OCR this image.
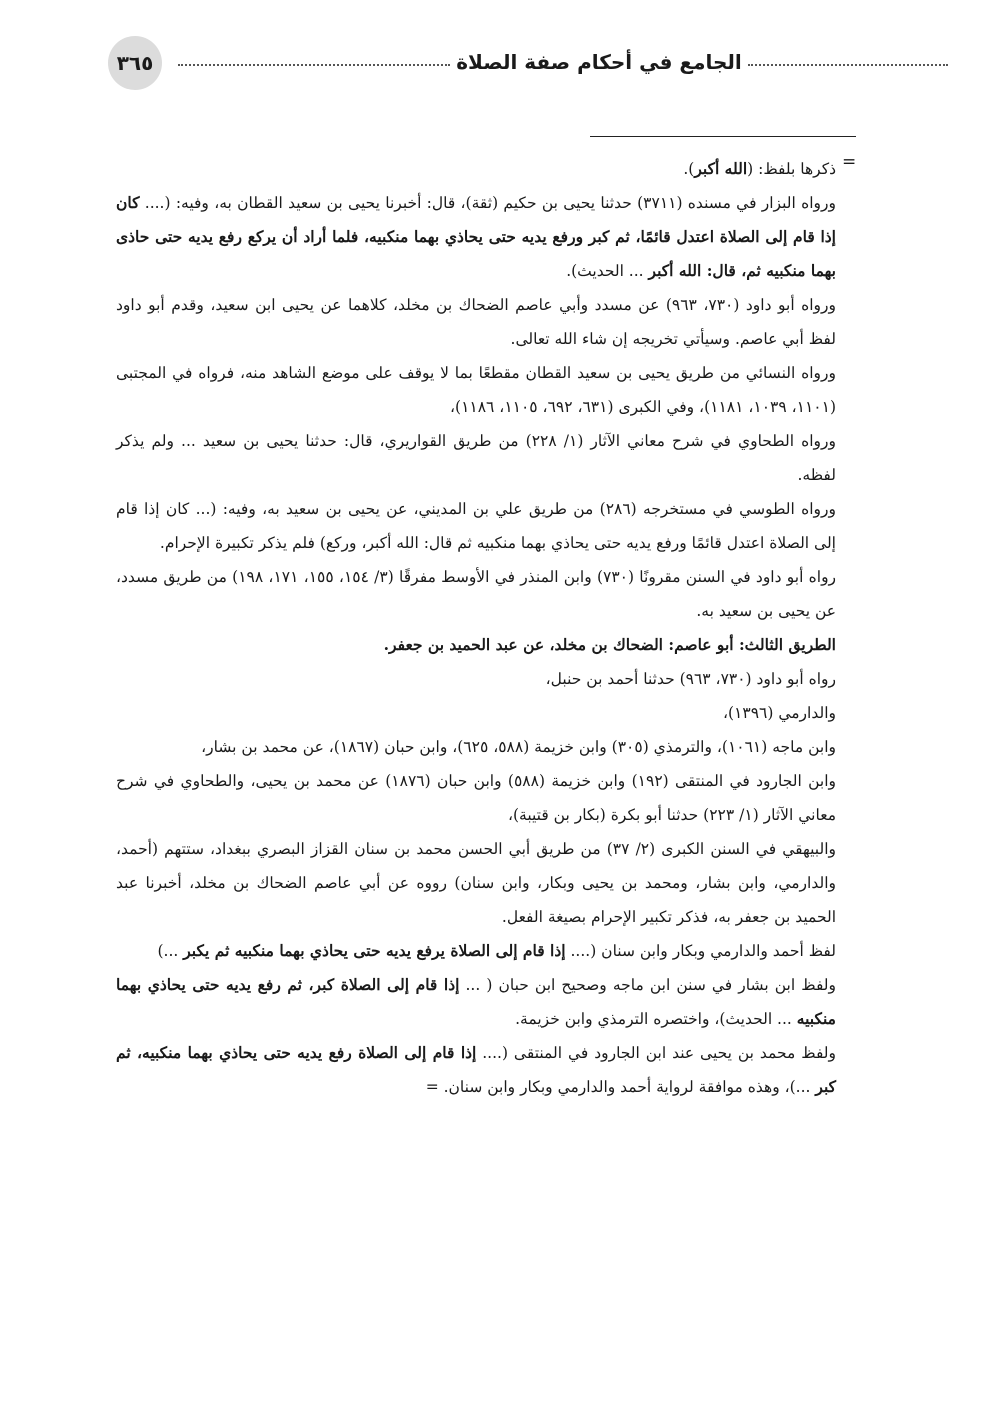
٣٦٥	الجامع في أحكام صفة الصلاة
=

ذكرها بلفظ: (الله أكبر).

ورواه البزار في مسنده (٣٧١١) حدثنا يحيى بن حكيم (ثقة)، قال: أخبرنا يحيى بن سعيد القطان به، وفيه: (.... كان إذا قام إلى الصلاة اعتدل قائمًا، ثم كبر ورفع يديه حتى يحاذي بهما منكبيه، فلما أراد أن يركع رفع يديه حتى حاذى بهما منكبيه ثم، قال: الله أكبر ... الحديث).

ورواه أبو داود (٧٣٠، ٩٦٣) عن مسدد وأبي عاصم الضحاك بن مخلد، كلاهما عن يحيى ابن سعيد، وقدم أبو داود لفظ أبي عاصم. وسيأتي تخريجه إن شاء الله تعالى.

ورواه النسائي من طريق يحيى بن سعيد القطان مقطعًا بما لا يوقف على موضع الشاهد منه، فرواه في المجتبى (١١٠١، ١٠٣٩، ١١٨١)، وفي الكبرى (٦٣١، ٦٩٢، ١١٠٥، ١١٨٦)،

ورواه الطحاوي في شرح معاني الآثار (١/ ٢٢٨) من طريق القواريري، قال: حدثنا يحيى بن سعيد ... ولم يذكر لفظه.

ورواه الطوسي في مستخرجه (٢٨٦) من طريق علي بن المديني، عن يحيى بن سعيد به، وفيه: (... كان إذا قام إلى الصلاة اعتدل قائمًا ورفع يديه حتى يحاذي بهما منكبيه ثم قال: الله أكبر، وركع) فلم يذكر تكبيرة الإحرام.

رواه أبو داود في السنن مقرونًا (٧٣٠) وابن المنذر في الأوسط مفرقًا (٣/ ١٥٤، ١٥٥، ١٧١، ١٩٨) من طريق مسدد، عن يحيى بن سعيد به.

الطريق الثالث: أبو عاصم: الضحاك بن مخلد، عن عبد الحميد بن جعفر.

رواه أبو داود (٧٣٠، ٩٦٣) حدثنا أحمد بن حنبل،

والدارمي (١٣٩٦)،

وابن ماجه (١٠٦١)، والترمذي (٣٠٥) وابن خزيمة (٥٨٨، ٦٢٥)، وابن حبان (١٨٦٧)، عن محمد بن بشار،

وابن الجارود في المنتقى (١٩٢) وابن خزيمة (٥٨٨) وابن حبان (١٨٧٦) عن محمد بن يحيى، والطحاوي في شرح معاني الآثار (١/ ٢٢٣) حدثنا أبو بكرة (بكار بن قتيبة)،

والبيهقي في السنن الكبرى (٢/ ٣٧) من طريق أبي الحسن محمد بن سنان القزاز البصري ببغداد، ستتهم (أحمد، والدارمي، وابن بشار، ومحمد بن يحيى وبكار، وابن سنان) رووه عن أبي عاصم الضحاك بن مخلد، أخبرنا عبد الحميد بن جعفر به، فذكر تكبير الإحرام بصيغة الفعل.

لفظ أحمد والدارمي وبكار وابن سنان (.... إذا قام إلى الصلاة يرفع يديه حتى يحاذي بهما منكبيه ثم يكبر ...)

ولفظ ابن بشار في سنن ابن ماجه وصحيح ابن حبان ( ... إذا قام إلى الصلاة كبر، ثم رفع يديه حتى يحاذي بهما منكبيه ... الحديث)، واختصره الترمذي وابن خزيمة.

ولفظ محمد بن يحيى عند ابن الجارود في المنتقى (.... إذا قام إلى الصلاة رفع يديه حتى يحاذي بهما منكبيه، ثم كبر ...)، وهذه موافقة لرواية أحمد والدارمي وبكار وابن سنان. =
